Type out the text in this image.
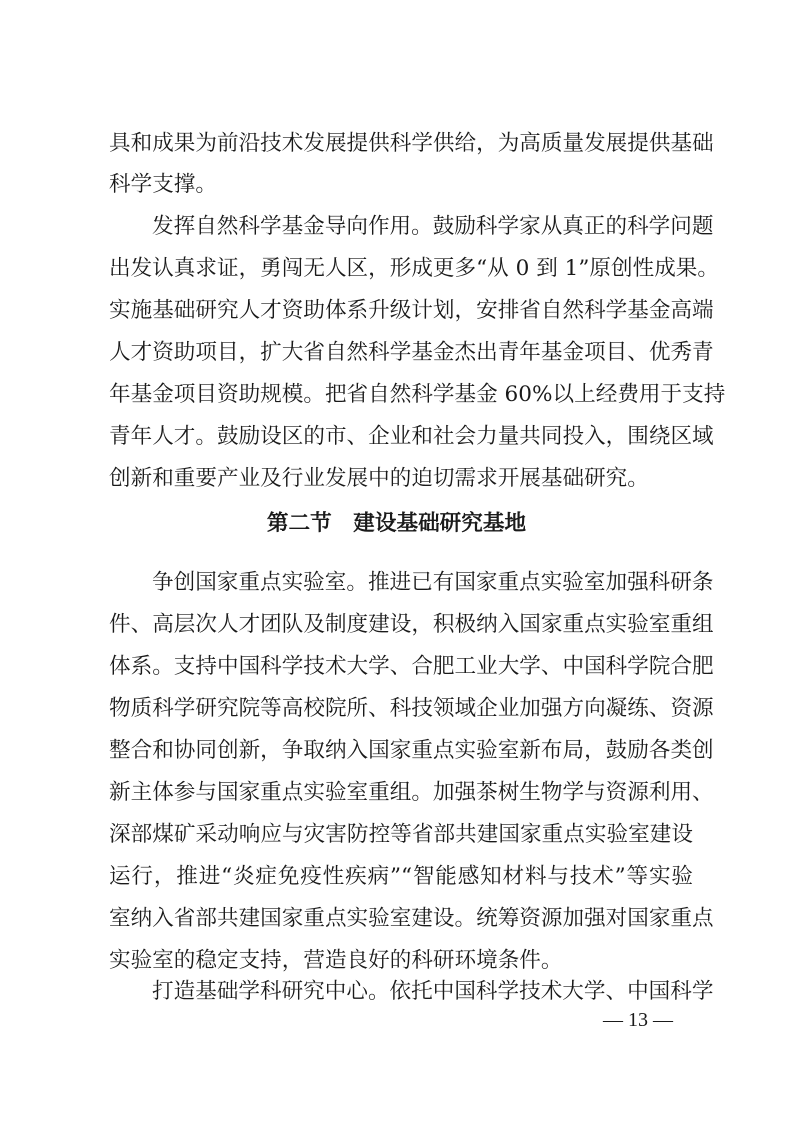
具和成果为前沿技术发展提供科学供给，为高质量发展提供基础
科学支撑。
发挥自然科学基金导向作用。鼓励科学家从真正的科学问题
出发认真求证，勇闯无人区，形成更多“从 0 到 1”原创性成果。
实施基础研究人才资助体系升级计划，安排省自然科学基金高端
人才资助项目，扩大省自然科学基金杰出青年基金项目、优秀青
年基金项目资助规模。把省自然科学基金 60%以上经费用于支持
青年人才。鼓励设区的市、企业和社会力量共同投入，围绕区域
创新和重要产业及行业发展中的迫切需求开展基础研究。
第二节　建设基础研究基地
争创国家重点实验室。推进已有国家重点实验室加强科研条
件、高层次人才团队及制度建设，积极纳入国家重点实验室重组
体系。支持中国科学技术大学、合肥工业大学、中国科学院合肥
物质科学研究院等高校院所、科技领域企业加强方向凝练、资源
整合和协同创新，争取纳入国家重点实验室新布局，鼓励各类创
新主体参与国家重点实验室重组。加强茶树生物学与资源利用、
深部煤矿采动响应与灾害防控等省部共建国家重点实验室建设
运行，推进“炎症免疫性疾病”“智能感知材料与技术”等实验
室纳入省部共建国家重点实验室建设。统筹资源加强对国家重点
实验室的稳定支持，营造良好的科研环境条件。
打造基础学科研究中心。依托中国科学技术大学、中国科学
— 13 —
